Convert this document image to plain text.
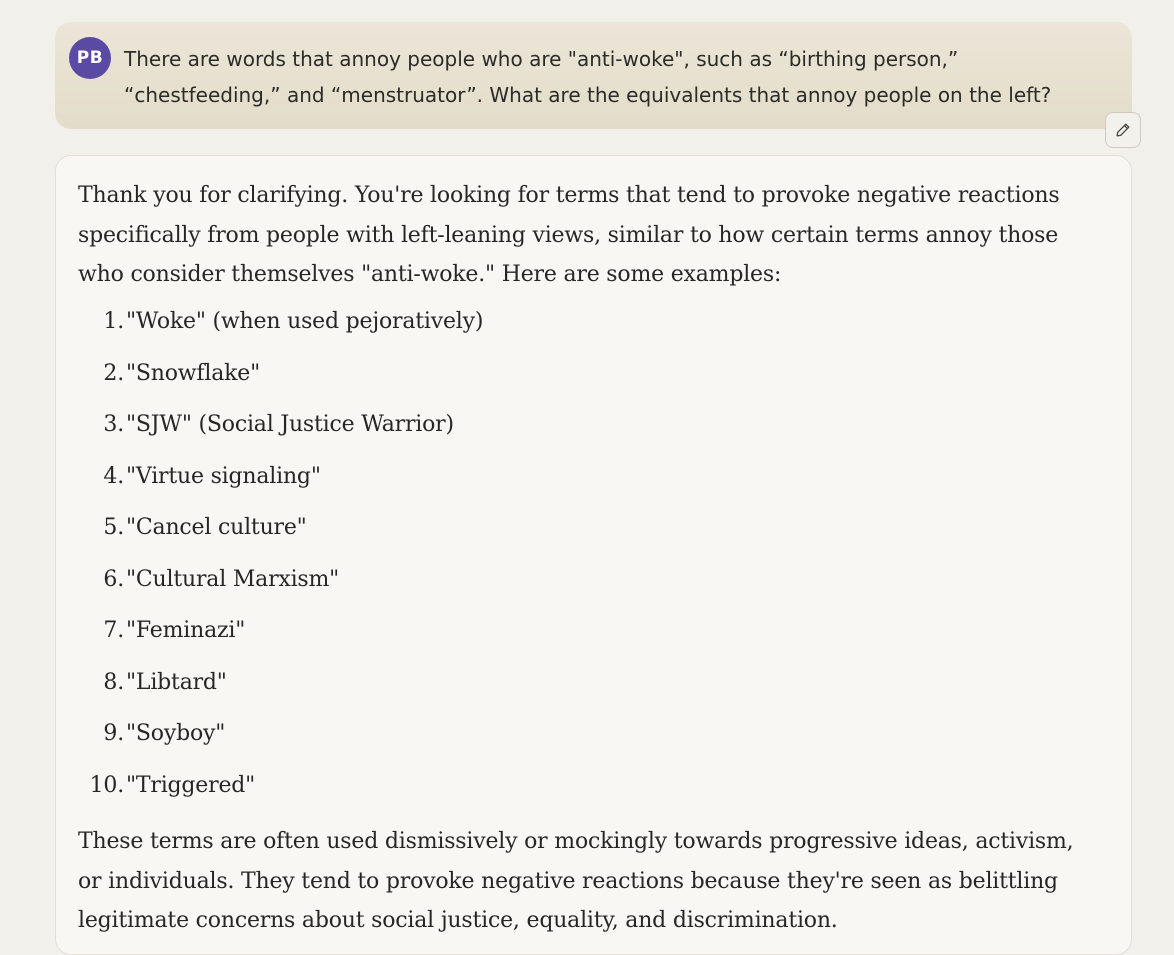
PB	There are words that annoy people who are "anti-woke", such as “birthing person,”
“chestfeeding,” and “menstruator”. What are the equivalents that annoy people on the left?

Thank you for clarifying. You're looking for terms that tend to provoke negative reactions specifically from people with left-leaning views, similar to how certain terms annoy those who consider themselves "anti-woke." Here are some examples:

1. "Woke" (when used pejoratively)
2. "Snowflake"
3. "SJW" (Social Justice Warrior)
4. "Virtue signaling"
5. "Cancel culture"
6. "Cultural Marxism"
7. "Feminazi"
8. "Libtard"
9. "Soyboy"
10. "Triggered"

These terms are often used dismissively or mockingly towards progressive ideas, activism, or individuals. They tend to provoke negative reactions because they're seen as belittling legitimate concerns about social justice, equality, and discrimination.
